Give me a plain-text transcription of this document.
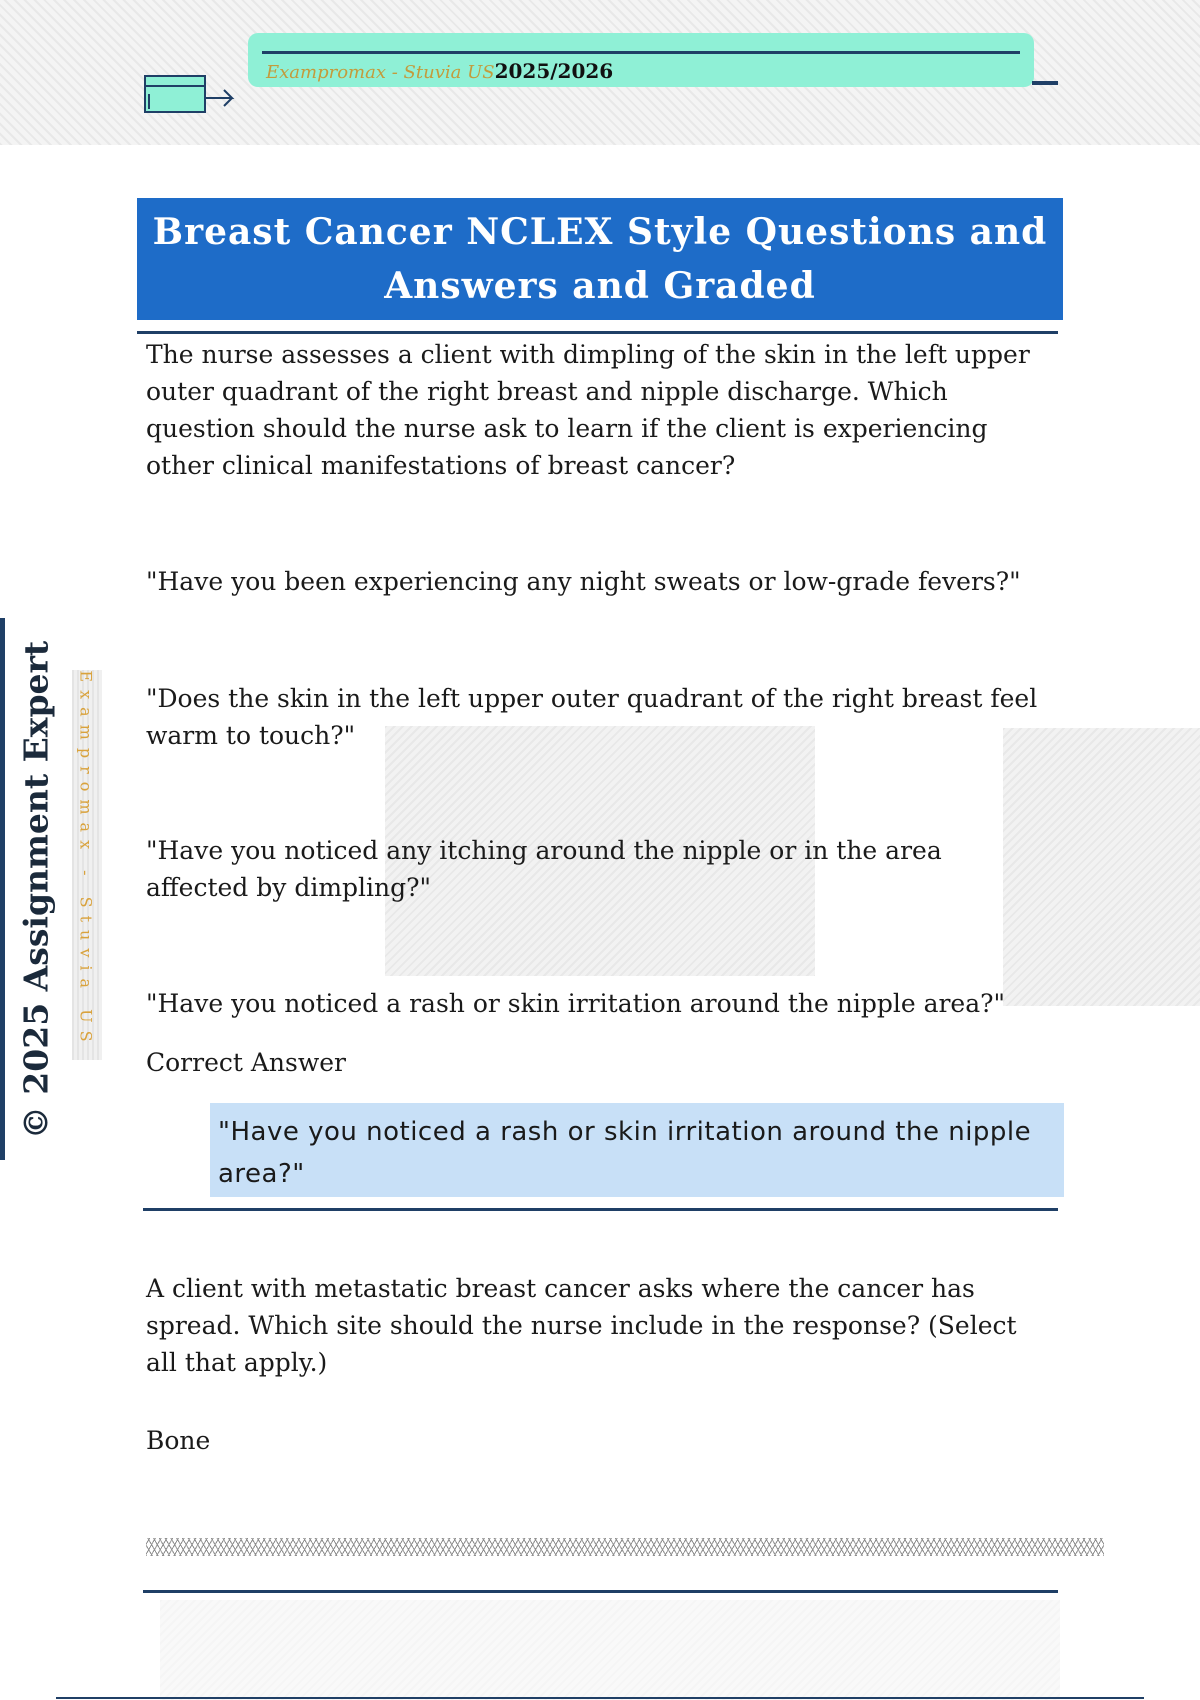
Exampromax - Stuvia US2025/2026
© 2025 Assignment Expert Exampromax - Stuvia US
Breast Cancer NCLEX Style Questions and Answers and Graded
The nurse assesses a client with dimpling of the skin in the left upper outer quadrant of the right breast and nipple discharge. Which question should the nurse ask to learn if the client is experiencing other clinical manifestations of breast cancer?
"Have you been experiencing any night sweats or low-grade fevers?"
"Does the skin in the left upper outer quadrant of the right breast feel warm to touch?"
"Have you noticed any itching around the nipple or in the area affected by dimpling?"
"Have you noticed a rash or skin irritation around the nipple area?"
Correct Answer
"Have you noticed a rash or skin irritation around the nipple area?"
A client with metastatic breast cancer asks where the cancer has spread. Which site should the nurse include in the response? (Select all that apply.)
Bone
